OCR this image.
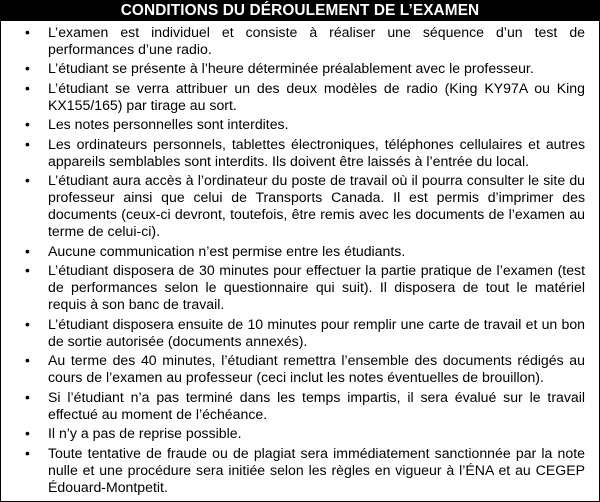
CONDITIONS DU DÉROULEMENT DE L’EXAMEN
• L’examen est individuel et consiste à réaliser une séquence d’un test de performances d’une radio.
• L’étudiant se présente à l’heure déterminée préalablement avec le professeur.
• L’étudiant se verra attribuer un des deux modèles de radio (King KY97A ou King KX155/165) par tirage au sort.
• Les notes personnelles sont interdites.
• Les ordinateurs personnels, tablettes électroniques, téléphones cellulaires et autres appareils semblables sont interdits. Ils doivent être laissés à l’entrée du local.
• L’étudiant aura accès à l’ordinateur du poste de travail où il pourra consulter le site du professeur ainsi que celui de Transports Canada. Il est permis d’imprimer des documents (ceux-ci devront, toutefois, être remis avec les documents de l’examen au terme de celui-ci).
• Aucune communication n’est permise entre les étudiants.
• L’étudiant disposera de 30 minutes pour effectuer la partie pratique de l’examen (test de performances selon le questionnaire qui suit). Il disposera de tout le matériel requis à son banc de travail.
• L’étudiant disposera ensuite de 10 minutes pour remplir une carte de travail et un bon de sortie autorisée (documents annexés).
• Au terme des 40 minutes, l’étudiant remettra l’ensemble des documents rédigés au cours de l’examen au professeur (ceci inclut les notes éventuelles de brouillon).
• Si l’étudiant n’a pas terminé dans les temps impartis, il sera évalué sur le travail effectué au moment de l’échéance.
• Il n’y a pas de reprise possible.
• Toute tentative de fraude ou de plagiat sera immédiatement sanctionnée par la note nulle et une procédure sera initiée selon les règles en vigueur à l’ÉNA et au CEGEP Édouard-Montpetit.
